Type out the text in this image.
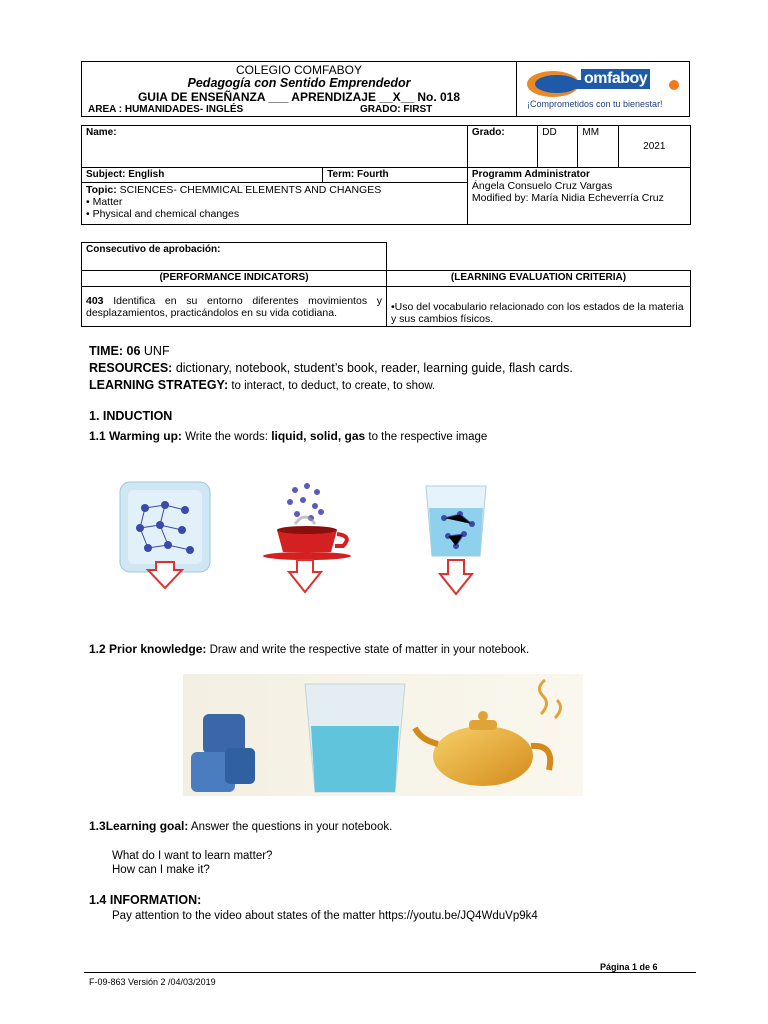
COLEGIO COMFABOY
Pedagogía con Sentido Emprendedor
GUIA DE ENSEÑANZA ___ APRENDIZAJE __X__ No. 018
AREA : HUMANIDADES- INGLÉS	GRADO: FIRST
omfaboy
¡Comprometidos con tu bienestar!
Name:		Grado:	DD	MM	2021
Subject: English	Term: Fourth	Programm Administrator
Ángela Consuelo Cruz Vargas
Modified by: María Nidia Echeverría Cruz			

Topic: SCIENCES- CHEMMICAL ELEMENTS AND CHANGES
• Matter
• Physical and chemical changes					
Consecutivo de aprobación:	
(PERFORMANCE INDICATORS)	(LEARNING EVALUATION CRITERIA)
403 Identifica en su entorno diferentes movimientos y desplazamientos, practicándolos en su vida cotidiana.	•Uso del vocabulario relacionado con los estados de la materia y sus cambios físicos.
TIME: 06 UNF
RESOURCES: dictionary, notebook, student’s book, reader, learning guide, flash cards.
LEARNING STRATEGY: to interact, to deduct, to create, to show.
1. INDUCTION
1.1 Warming up: Write the words: liquid, solid, gas to the respective image
1.2 Prior knowledge: Draw and write the respective state of matter in your notebook.
1.3Learning goal: Answer the questions in your notebook.
What do I want to learn matter?
How can I make it?
1.4 INFORMATION:
Pay attention to the video about states of the matter https://youtu.be/JQ4WduVp9k4
Página 1 de 6
F-09-863 Versión 2 /04/03/2019
